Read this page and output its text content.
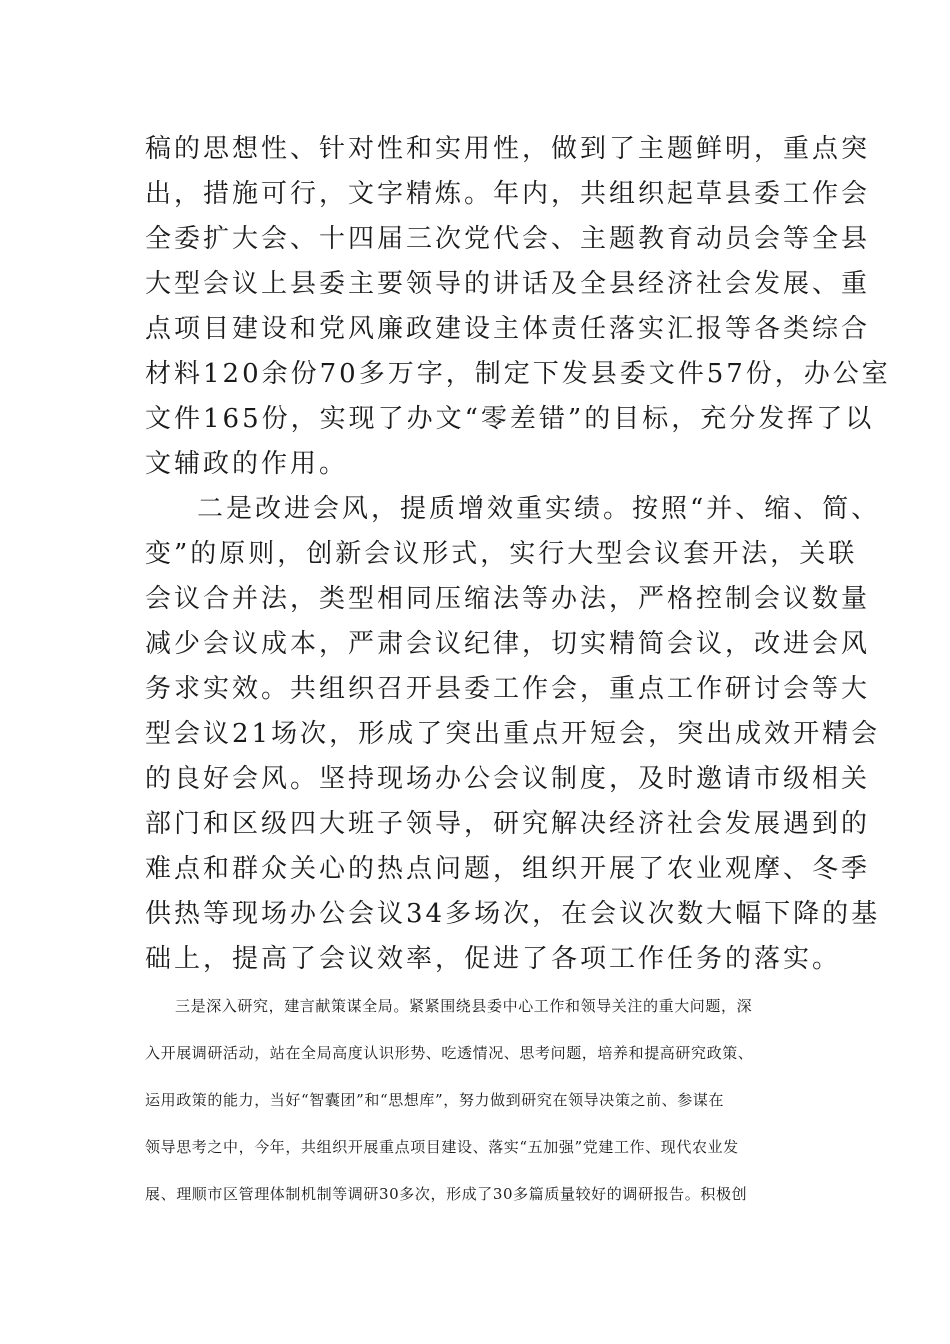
稿的思想性、针对性和实用性，做到了主题鲜明，重点突
出，措施可行，文字精炼。年内，共组织起草县委工作会
全委扩大会、十四届三次党代会、主题教育动员会等全县
大型会议上县委主要领导的讲话及全县经济社会发展、重
点项目建设和党风廉政建设主体责任落实汇报等各类综合
材料120余份70多万字，制定下发县委文件57份，办公室
文件165份，实现了办文“零差错”的目标，充分发挥了以
文辅政的作用。
二是改进会风，提质增效重实绩。按照“并、缩、简、
变”的原则，创新会议形式，实行大型会议套开法，关联
会议合并法，类型相同压缩法等办法，严格控制会议数量
减少会议成本，严肃会议纪律，切实精简会议，改进会风
务求实效。共组织召开县委工作会，重点工作研讨会等大
型会议21场次，形成了突出重点开短会，突出成效开精会
的良好会风。坚持现场办公会议制度，及时邀请市级相关
部门和区级四大班子领导，研究解决经济社会发展遇到的
难点和群众关心的热点问题，组织开展了农业观摩、冬季
供热等现场办公会议34多场次，在会议次数大幅下降的基
础上，提高了会议效率，促进了各项工作任务的落实。
三是深入研究，建言献策谋全局。紧紧围绕县委中心工作和领导关注的重大问题，深
入开展调研活动，站在全局高度认识形势、吃透情况、思考问题，培养和提高研究政策、
运用政策的能力，当好“智囊团”和“思想库”，努力做到研究在领导决策之前、参谋在
领导思考之中，今年，共组织开展重点项目建设、落实“五加强”党建工作、现代农业发
展、理顺市区管理体制机制等调研30多次，形成了30多篇质量较好的调研报告。积极创
